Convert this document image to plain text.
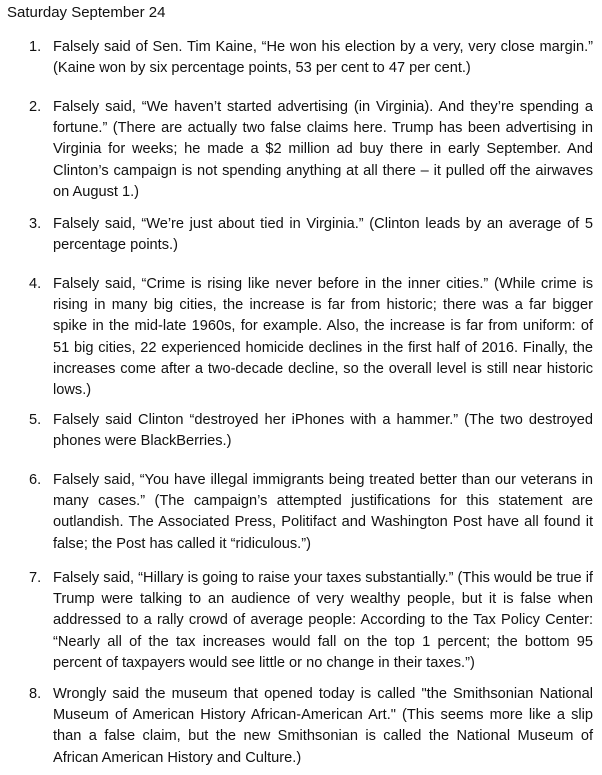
Saturday September 24
1. Falsely said of Sen. Tim Kaine, “He won his election by a very, very close margin.” (Kaine won by six percentage points, 53 per cent to 47 per cent.)
2. Falsely said, “We haven’t started advertising (in Virginia). And they’re spending a fortune.” (There are actually two false claims here. Trump has been advertising in Virginia for weeks; he made a $2 million ad buy there in early September. And Clinton’s campaign is not spending anything at all there – it pulled off the airwaves on August 1.)
3. Falsely said, “We’re just about tied in Virginia.” (Clinton leads by an average of 5 percentage points.)
4. Falsely said, “Crime is rising like never before in the inner cities.” (While crime is rising in many big cities, the increase is far from historic; there was a far bigger spike in the mid-late 1960s, for example. Also, the increase is far from uniform: of 51 big cities, 22 experienced homicide declines in the first half of 2016. Finally, the increases come after a two-decade decline, so the overall level is still near historic lows.)
5. Falsely said Clinton “destroyed her iPhones with a hammer.” (The two destroyed phones were BlackBerries.)
6. Falsely said, “You have illegal immigrants being treated better than our veterans in many cases.” (The campaign’s attempted justifications for this statement are outlandish. The Associated Press, Politifact and Washington Post have all found it false; the Post has called it “ridiculous.”)
7. Falsely said, “Hillary is going to raise your taxes substantially.” (This would be true if Trump were talking to an audience of very wealthy people, but it is false when addressed to a rally crowd of average people: According to the Tax Policy Center: “Nearly all of the tax increases would fall on the top 1 percent; the bottom 95 percent of taxpayers would see little or no change in their taxes.”)
8. Wrongly said the museum that opened today is called "the Smithsonian National Museum of American History African-American Art." (This seems more like a slip than a false claim, but the new Smithsonian is called the National Museum of African American History and Culture.)
